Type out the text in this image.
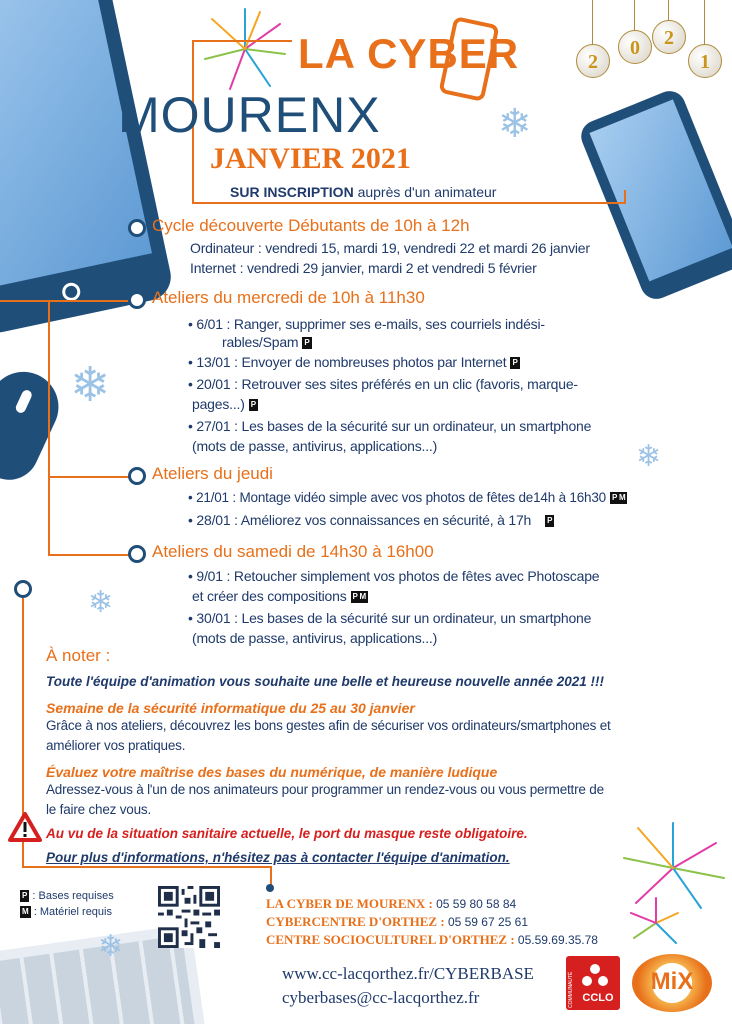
❄
❄
❄
❄
❄
2
0	2
1
LA CYBER
MOURENX
JANVIER 2021
SUR INSCRIPTION auprès d'un animateur
Cycle découverte Débutants de 10h à 12h
Ordinateur : vendredi 15, mardi 19, vendredi 22 et mardi 26 janvier
Internet : vendredi 29 janvier, mardi 2 et vendredi 5 février
Ateliers du mercredi de 10h à 11h30
• 6/01 : Ranger, supprimer ses e-mails, ses courriels indési-
rables/Spam P
• 13/01 : Envoyer de nombreuses photos par Internet P
• 20/01 : Retrouver ses sites préférés en un clic (favoris, marque-
pages...) P
• 27/01 : Les bases de la sécurité sur un ordinateur, un smartphone
(mots de passe, antivirus, applications...)
Ateliers du jeudi
• 21/01 : Montage vidéo simple avec vos photos de fêtes de14h à 16h30 P M
• 28/01 : Améliorez vos connaissances en sécurité, à 17h P
Ateliers du samedi de 14h30 à 16h00
• 9/01 : Retoucher simplement vos photos de fêtes avec Photoscape
et créer des compositions P M
• 30/01 : Les bases de la sécurité sur un ordinateur, un smartphone
(mots de passe, antivirus, applications...)
À noter :
Toute l'équipe d'animation vous souhaite une belle et heureuse nouvelle année 2021 !!!
Semaine de la sécurité informatique du 25 au 30 janvier
Grâce à nos ateliers, découvrez les bons gestes afin de sécuriser vos ordinateurs/smartphones et
améliorer vos pratiques.
Évaluez votre maîtrise des bases du numérique, de manière ludique
Adressez-vous à l'un de nos animateurs pour programmer un rendez-vous ou vous permettre de
le faire chez vous.
Au vu de la situation sanitaire actuelle, le port du masque reste obligatoire.
Pour plus d'informations, n'hésitez pas à contacter l'équipe d'animation.
P : Bases requises
M : Matériel requis
LA CYBER DE MOURENX : 05 59 80 58 84
CYBERCENTRE D'ORTHEZ : 05 59 67 25 61
CENTRE SOCIOCULTUREL D'ORTHEZ : 05.59.69.35.78
www.cc-lacqorthez.fr/CYBERBASE
cyberbases@cc-lacqorthez.fr	COMMUNAUTÉ CCLO
MiX
